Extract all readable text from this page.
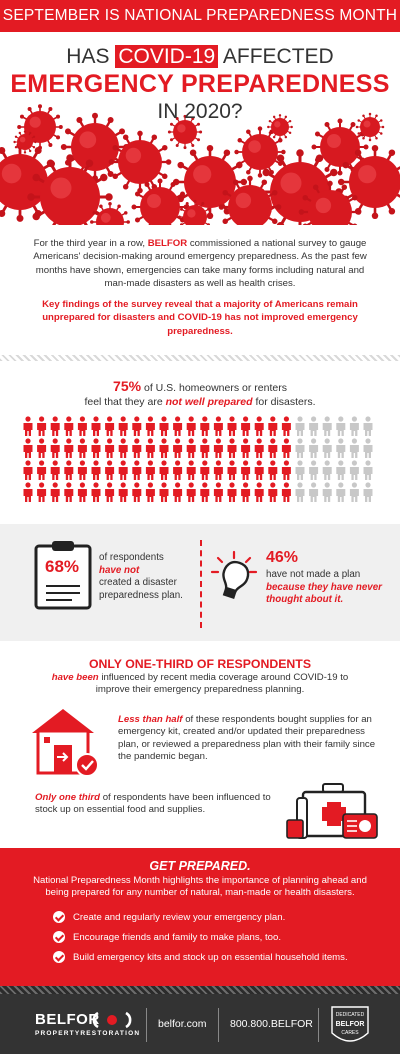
SEPTEMBER IS NATIONAL PREPAREDNESS MONTH
HAS COVID-19 AFFECTED
EMERGENCY PREPAREDNESS
IN 2020?
For the third year in a row, BELFOR commissioned a national survey to gauge Americans' decision-making around emergency preparedness. As the past few months have shown, emergencies can take many forms including natural and man-made disasters as well as health crises.
Key findings of the survey reveal that a majority of Americans remain unprepared for disasters and COVID-19 has not improved emergency preparedness.
75% of U.S. homeowners or renters
feel that they are not well prepared for disasters.
68%	of respondents
have not
created a disaster preparedness plan.
46%
have not made a plan
because they have never thought about it.
ONLY ONE-THIRD OF RESPONDENTS
have been influenced by recent media coverage around COVID-19 to improve their emergency preparedness planning.
Less than half of these respondents bought supplies for an emergency kit, created and/or updated their preparedness plan, or reviewed a preparedness plan with their family since the pandemic began.
Only one third of respondents have been influenced to stock up on essential food and supplies.
GET PREPARED.
National Preparedness Month highlights the importance of planning ahead and being prepared for any number of natural, man-made or health disasters.
Create and regularly review your emergency plan.
Encourage friends and family to make plans, too.
Build emergency kits and stock up on essential household items.
BELFOR
PROPERTYRESTORATION
belfor.com 800.800.BELFOR
DEDICATED
BELFOR
CARES
